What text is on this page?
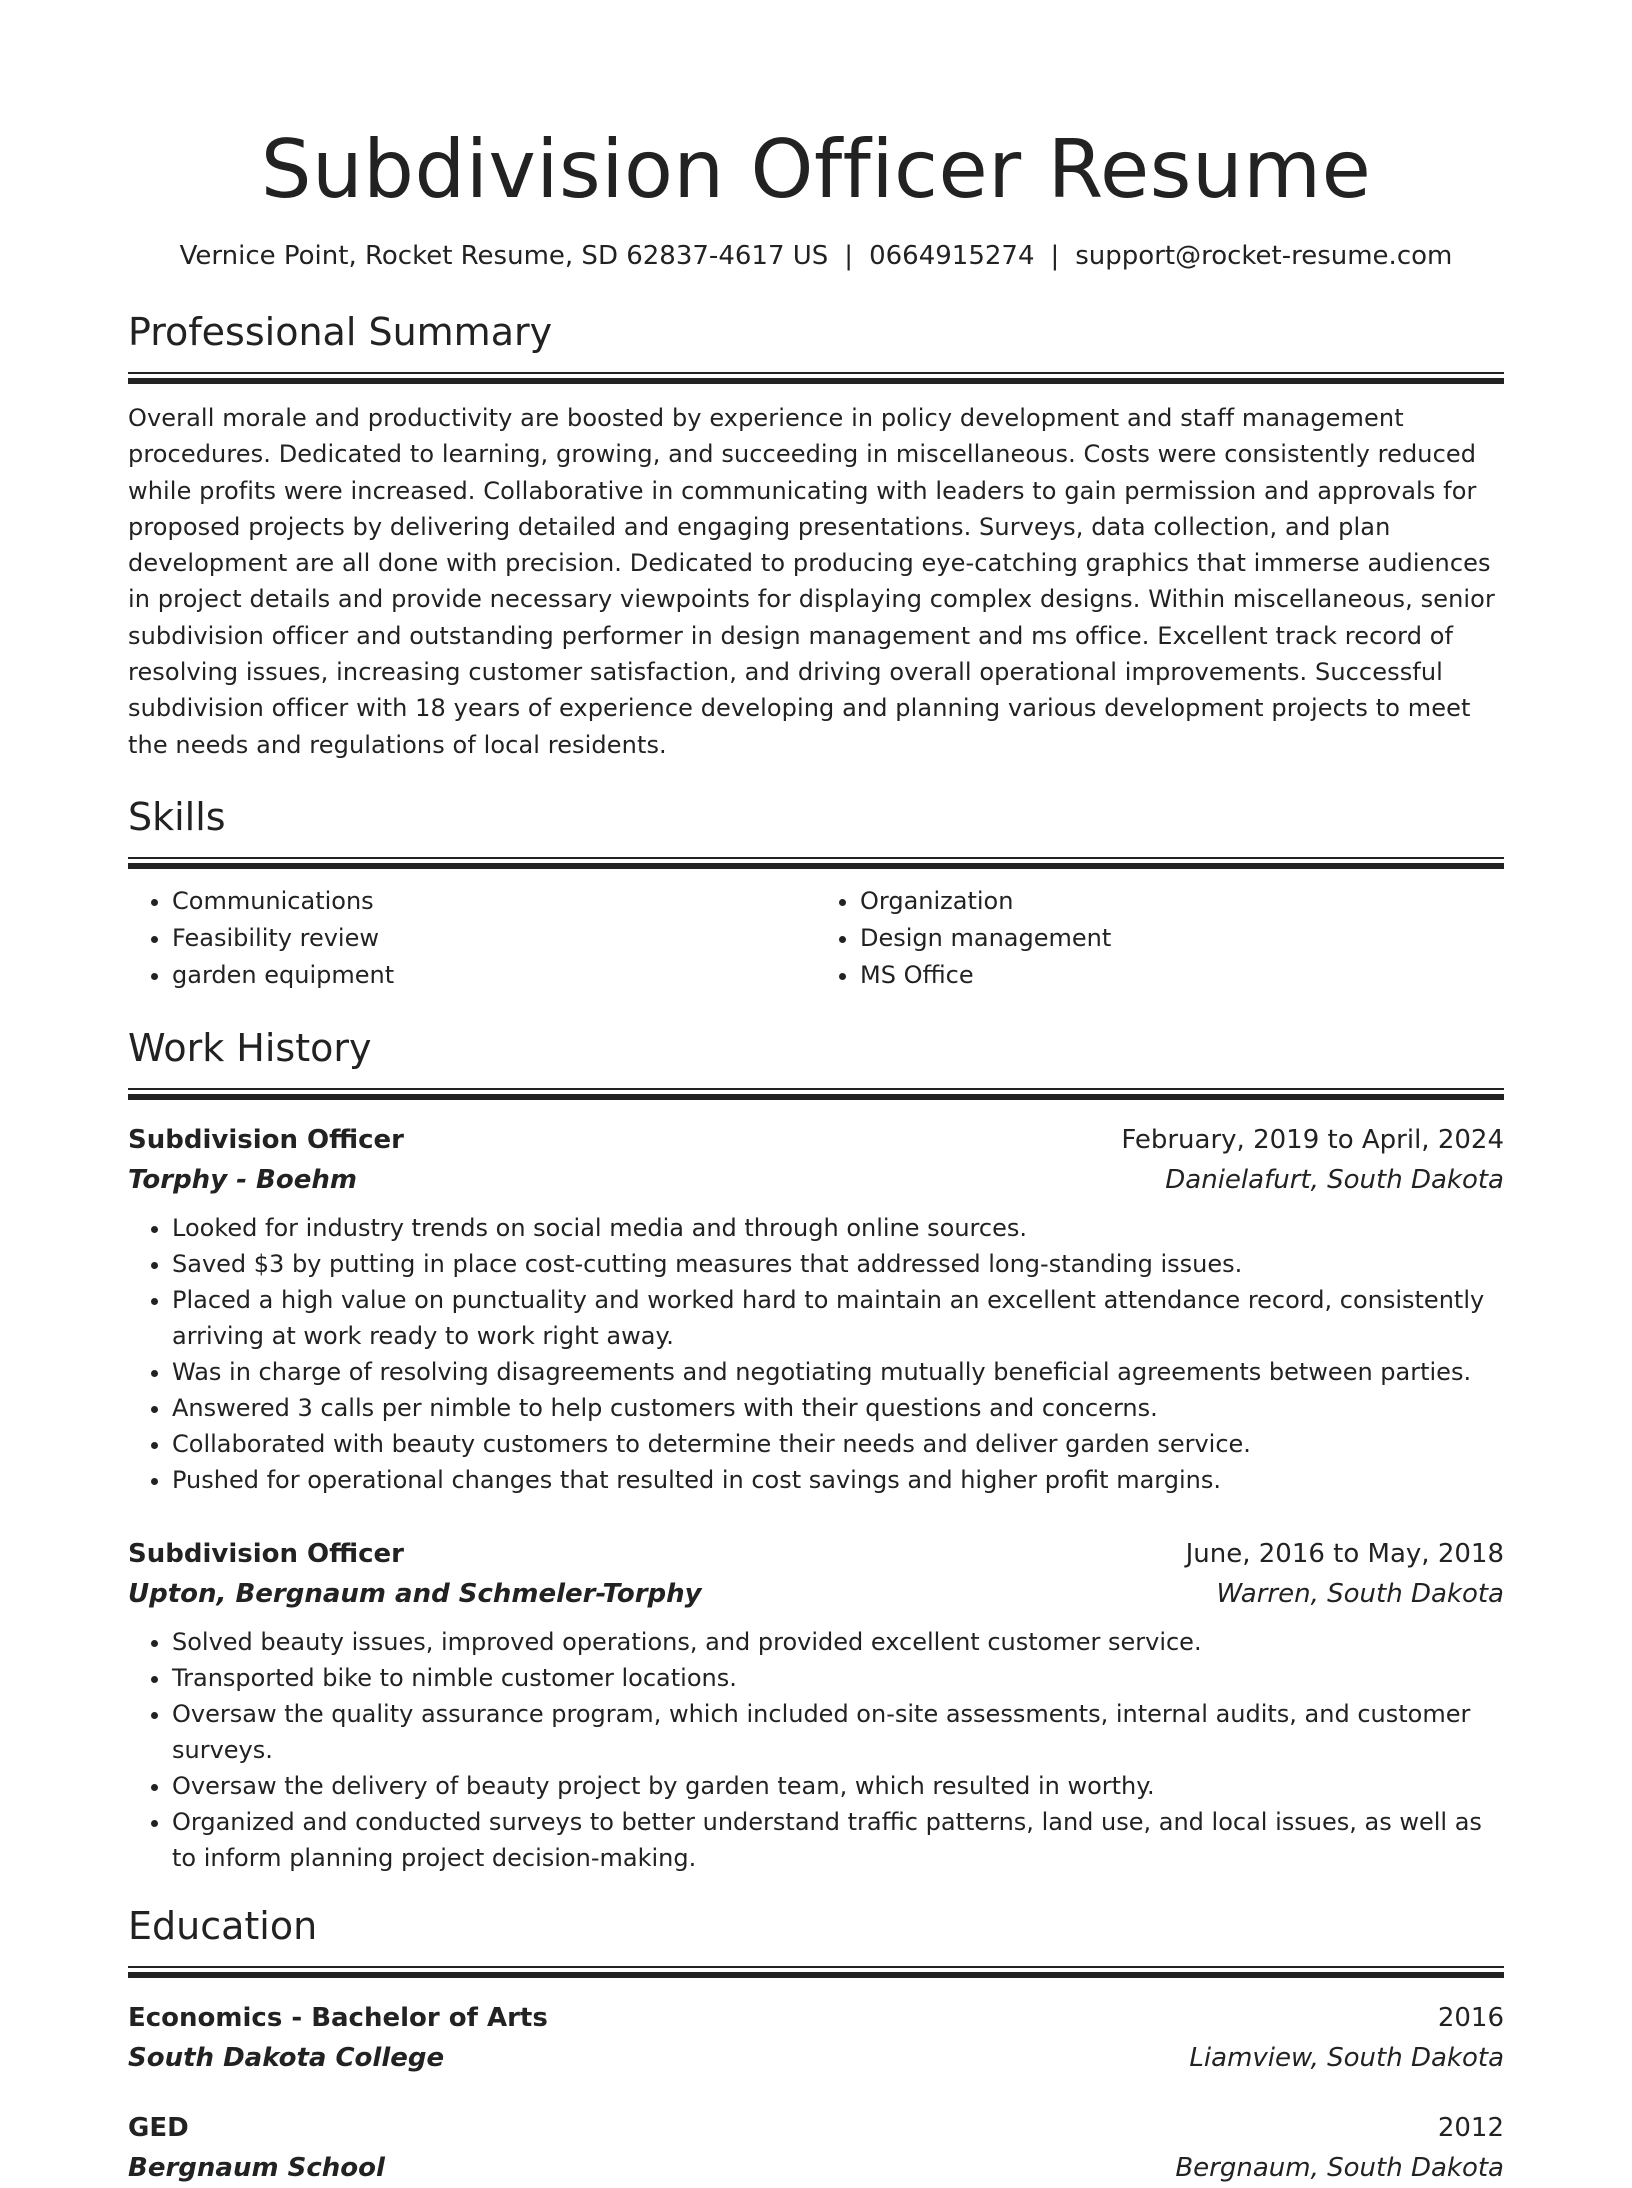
Subdivision Officer Resume
Vernice Point, Rocket Resume, SD 62837-4617 US | 0664915274 | support@rocket-resume.com
Professional Summary
Overall morale and productivity are boosted by experience in policy development and staff management procedures. Dedicated to learning, growing, and succeeding in miscellaneous. Costs were consistently reduced while profits were increased. Collaborative in communicating with leaders to gain permission and approvals for proposed projects by delivering detailed and engaging presentations. Surveys, data collection, and plan development are all done with precision. Dedicated to producing eye-catching graphics that immerse audiences in project details and provide necessary viewpoints for displaying complex designs. Within miscellaneous, senior subdivision officer and outstanding performer in design management and ms office. Excellent track record of resolving issues, increasing customer satisfaction, and driving overall operational improvements. Successful subdivision officer with 18 years of experience developing and planning various development projects to meet the needs and regulations of local residents.
Skills
• Communications
• Feasibility review
• garden equipment
• Organization
• Design management
• MS Office
Work History
Subdivision Officer	February, 2019 to April, 2024
Torphy - Boehm	Danielafurt, South Dakota
• Looked for industry trends on social media and through online sources.
• Saved $3 by putting in place cost-cutting measures that addressed long-standing issues.
• Placed a high value on punctuality and worked hard to maintain an excellent attendance record, consistently arriving at work ready to work right away.
• Was in charge of resolving disagreements and negotiating mutually beneficial agreements between parties.
• Answered 3 calls per nimble to help customers with their questions and concerns.
• Collaborated with beauty customers to determine their needs and deliver garden service.
• Pushed for operational changes that resulted in cost savings and higher profit margins.
Subdivision Officer	June, 2016 to May, 2018
Upton, Bergnaum and Schmeler-Torphy	Warren, South Dakota
• Solved beauty issues, improved operations, and provided excellent customer service.
• Transported bike to nimble customer locations.
• Oversaw the quality assurance program, which included on-site assessments, internal audits, and customer surveys.
• Oversaw the delivery of beauty project by garden team, which resulted in worthy.
• Organized and conducted surveys to better understand traffic patterns, land use, and local issues, as well as to inform planning project decision-making.
Education
Economics - Bachelor of Arts	2016
South Dakota College	Liamview, South Dakota
GED	2012
Bergnaum School	Bergnaum, South Dakota
